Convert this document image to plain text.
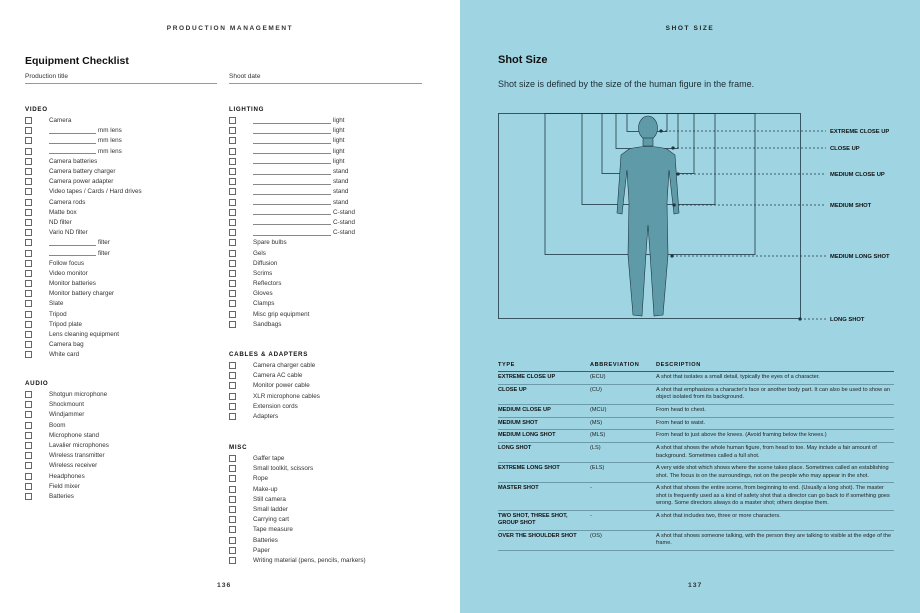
PRODUCTION MANAGEMENT
Equipment Checklist
Production title	Shoot date
VIDEO
Camera
mm lens
mm lens
mm lens
Camera batteries
Camera battery charger
Camera power adapter
Video tapes / Cards / Hard drives
Camera rods
Matte box
ND filter
Vario ND filter
filter
filter
Follow focus
Video monitor
Monitor batteries
Monitor battery charger
Slate
Tripod
Tripod plate
Lens cleaning equipment
Camera bag
White card
AUDIO
Shotgun microphone
Shockmount
Windjammer
Boom
Microphone stand
Lavalier microphones
Wireless transmitter
Wireless receiver
Headphones
Field mixer
Batteries
LIGHTING
light
light
light
light
light
stand
stand
stand
stand
C-stand
C-stand
C-stand
Spare bulbs
Gels
Diffusion
Scrims
Reflectors
Gloves
Clamps
Misc grip equipment
Sandbags
CABLES & ADAPTERS
Camera charger cable
Camera AC cable
Monitor power cable
XLR microphone cables
Extension cords
Adapters
MISC
Gaffer tape
Small toolkit, scissors
Rope
Make-up
Still camera
Small ladder
Carrying cart
Tape measure
Batteries
Paper
Writing material (pens, pencils, markers)
136
SHOT SIZE
Shot Size
Shot size is defined by the size of the human figure in the frame.
EXTREME CLOSE UP
CLOSE UP
MEDIUM CLOSE UP
MEDIUM SHOT
MEDIUM LONG SHOT
LONG SHOT
TYPE	ABBREVIATION	DESCRIPTION
EXTREME CLOSE UP	(ECU)	A shot that isolates a small detail, typically the eyes of a character.
CLOSE UP	(CU)	A shot that emphasizes a character's face or another body part. It can also be used to show an object isolated from its background.
MEDIUM CLOSE UP	(MCU)	From head to chest.
MEDIUM SHOT	(MS)	From head to waist.
MEDIUM LONG SHOT	(MLS)	From head to just above the knees. (Avoid framing below the knees.)
LONG SHOT	(LS)	A shot that shows the whole human figure, from head to toe. May include a fair amount of background. Sometimes called a full shot.
EXTREME LONG SHOT	(ELS)	A very wide shot which shows where the scene takes place. Sometimes called an establishing shot. The focus is on the surroundings, not on the people who may appear in the shot.
MASTER SHOT	-	A shot that shows the entire scene, from beginning to end. (Usually a long shot). The master shot is frequently used as a kind of safety shot that a director can go back to if something goes wrong. Some directors always do a master shot; others despise them.
TWO SHOT, THREE SHOT, GROUP SHOT	-	A shot that includes two, three or more characters.
OVER THE SHOULDER SHOT	(OS)	A shot that shows someone talking, with the person they are talking to visible at the edge of the frame.
137
